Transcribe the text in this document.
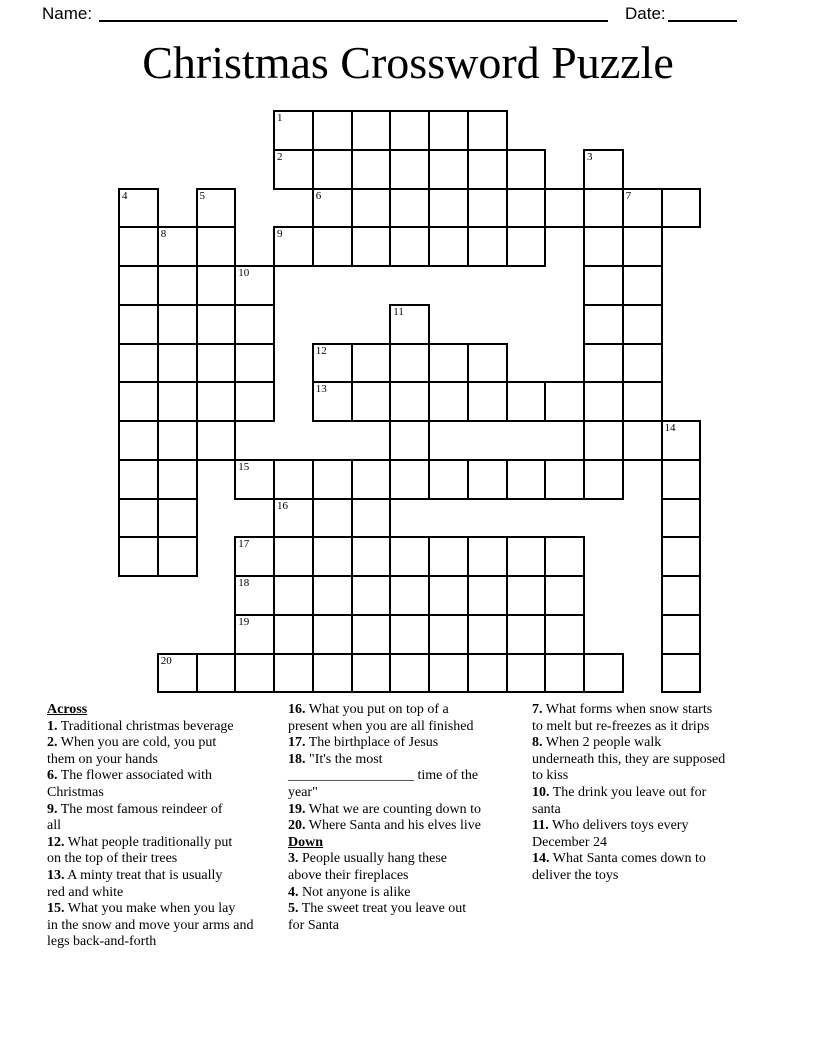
Name:	Date:
Christmas Crossword Puzzle
1
2	3
4	5	6	7
8	9
10
11
12
13
14
15
16
17
18
19
20
Across
1. Traditional christmas beverage
2. When you are cold, you put
them on your hands
6. The flower associated with
Christmas
9. The most famous reindeer of
all
12. What people traditionally put
on the top of their trees
13. A minty treat that is usually
red and white
15. What you make when you lay
in the snow and move your arms and
legs back-and-forth
16. What you put on top of a
present when you are all finished
17. The birthplace of Jesus
18. "It's the most
__________________ time of the
year"
19. What we are counting down to
20. Where Santa and his elves live
Down
3. People usually hang these
above their fireplaces
4. Not anyone is alike
5. The sweet treat you leave out
for Santa
7. What forms when snow starts
to melt but re-freezes as it drips
8. When 2 people walk
underneath this, they are supposed
to kiss
10. The drink you leave out for
santa
11. Who delivers toys every
December 24
14. What Santa comes down to
deliver the toys
